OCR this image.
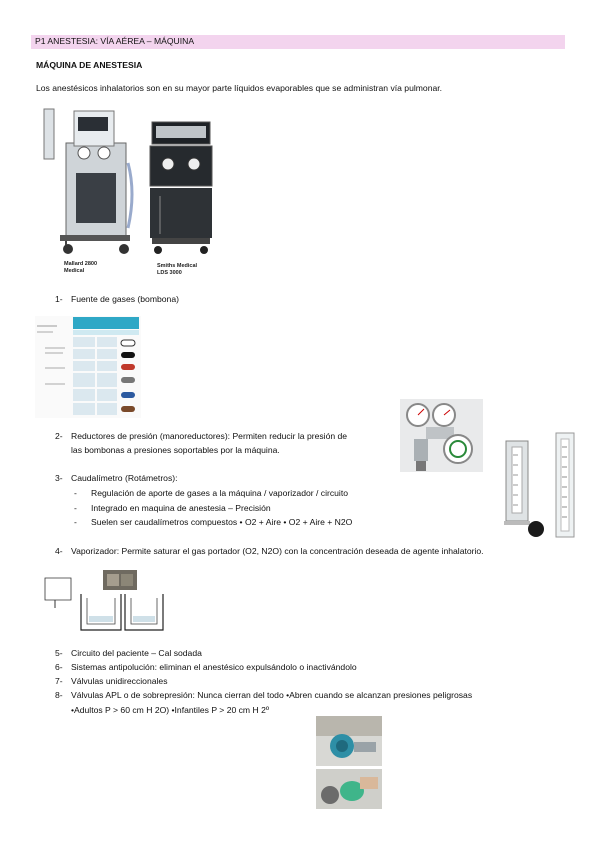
P1 ANESTESIA: VÍA AÉREA – MÁQUINA
MÁQUINA DE ANESTESIA
Los anestésicos inhalatorios son en su mayor parte líquidos evaporables que se administran vía pulmonar.
Mallard 2800
Medical
Smiths Medical
LDS 3000
1- Fuente de gases (bombona)
2- Reductores de presión (manoreductores): Permiten reducir la presión de
las bombonas a presiones soportables por la máquina.
3- Caudalímetro (Rotámetros):
- Regulación de aporte de gases a la máquina / vaporizador / circuito
- Integrado en maquina de anestesia – Precisión
- Suelen ser caudalímetros compuestos • O2 + Aire • O2 + Aire + N2O
4- Vaporizador: Permite saturar el gas portador (O2, N2O) con la concentración deseada de agente inhalatorio.
5- Circuito del paciente – Cal sodada
6- Sistemas antipolución: eliminan el anestésico expulsándolo o inactivándolo
7- Válvulas unidireccionales
8- Válvulas APL o de sobrepresión: Nunca cierran del todo •Abren cuando se alcanzan presiones peligrosas
•Adultos P > 60 cm H 2O) •Infantiles P > 20 cm H 2º
